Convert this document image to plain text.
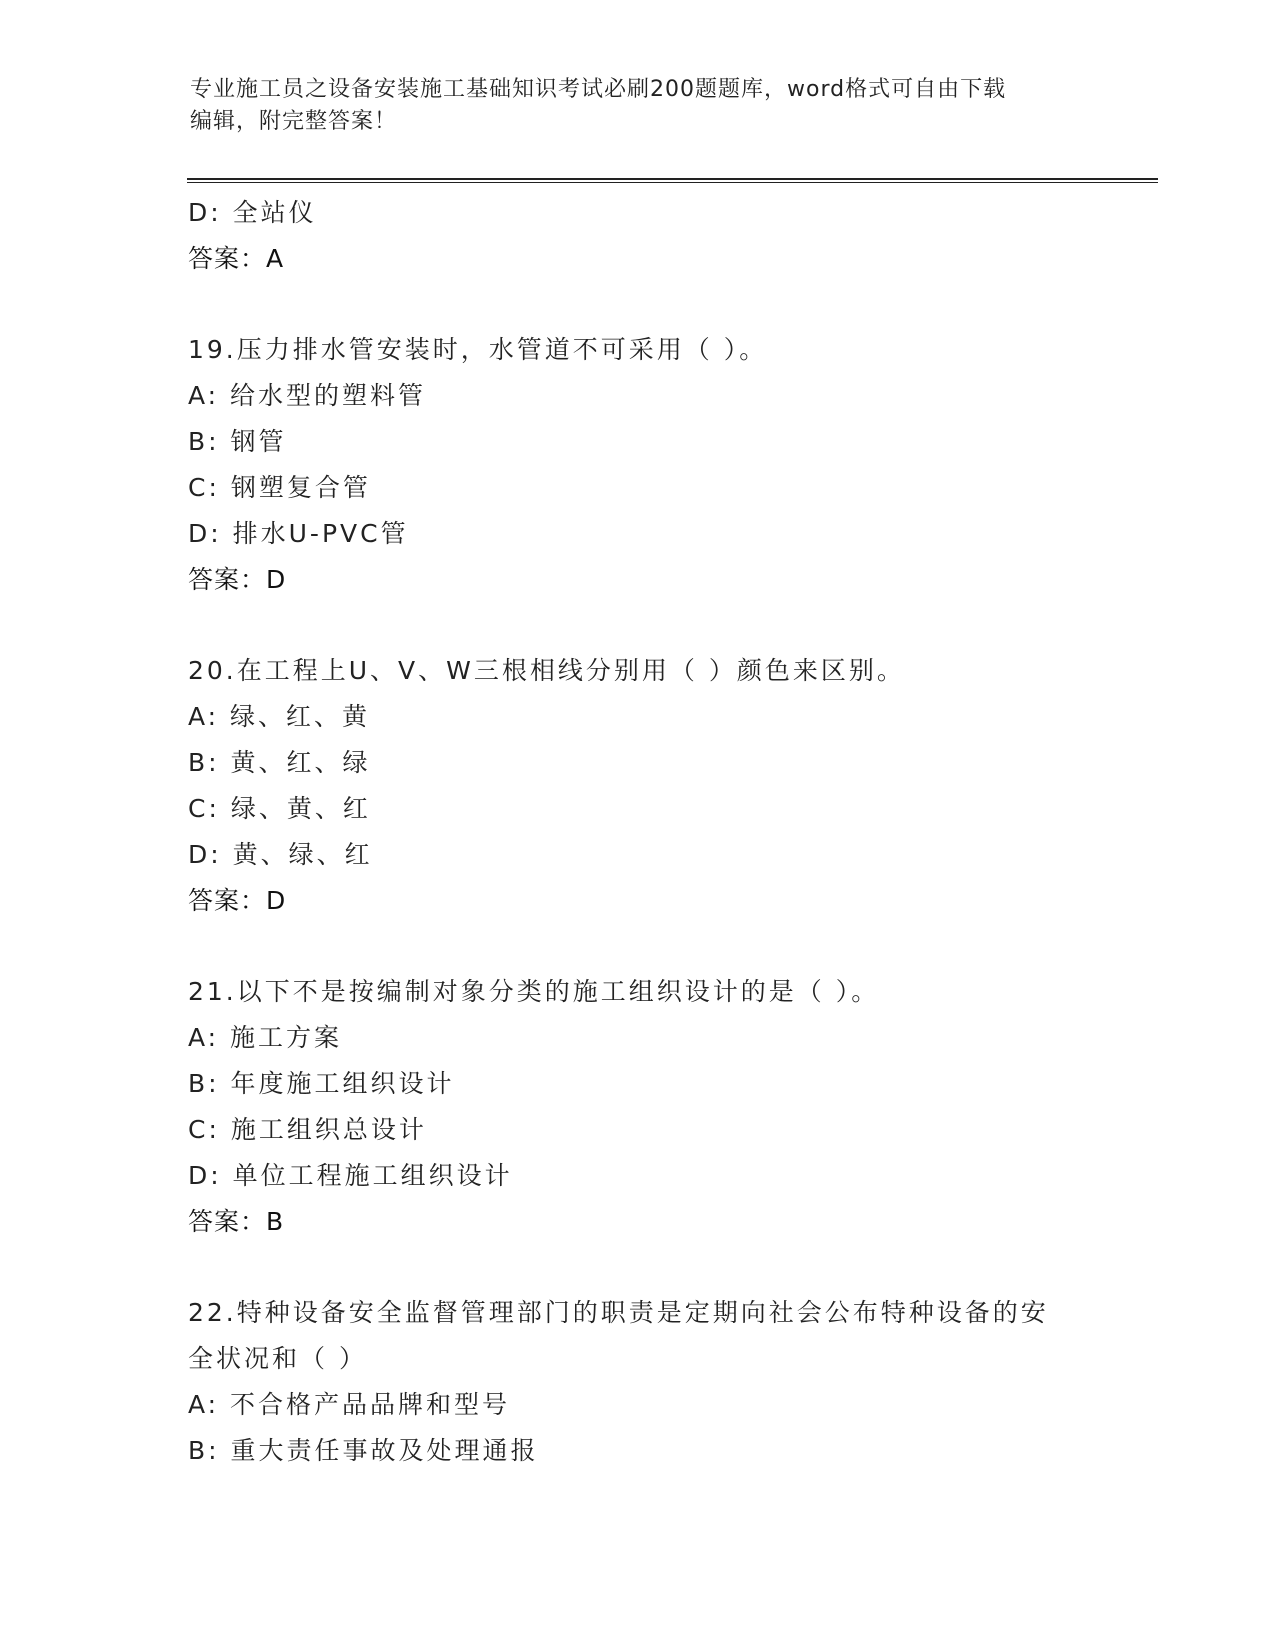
专业施工员之设备安装施工基础知识考试必刷200题题库，word格式可自由下载
编辑，附完整答案！
D: 全站仪
答案：A
19.压力排水管安装时，水管道不可采用（ ）。
A: 给水型的塑料管
B: 钢管
C: 钢塑复合管
D: 排水U-PVC管
答案：D
20.在工程上U、V、W三根相线分别用（ ）颜色来区别。
A: 绿、红、黄
B: 黄、红、绿
C: 绿、黄、红
D: 黄、绿、红
答案：D
21.以下不是按编制对象分类的施工组织设计的是（ ）。
A: 施工方案
B: 年度施工组织设计
C: 施工组织总设计
D: 单位工程施工组织设计
答案：B
22.特种设备安全监督管理部门的职责是定期向社会公布特种设备的安
全状况和（ ）
A: 不合格产品品牌和型号
B: 重大责任事故及处理通报
